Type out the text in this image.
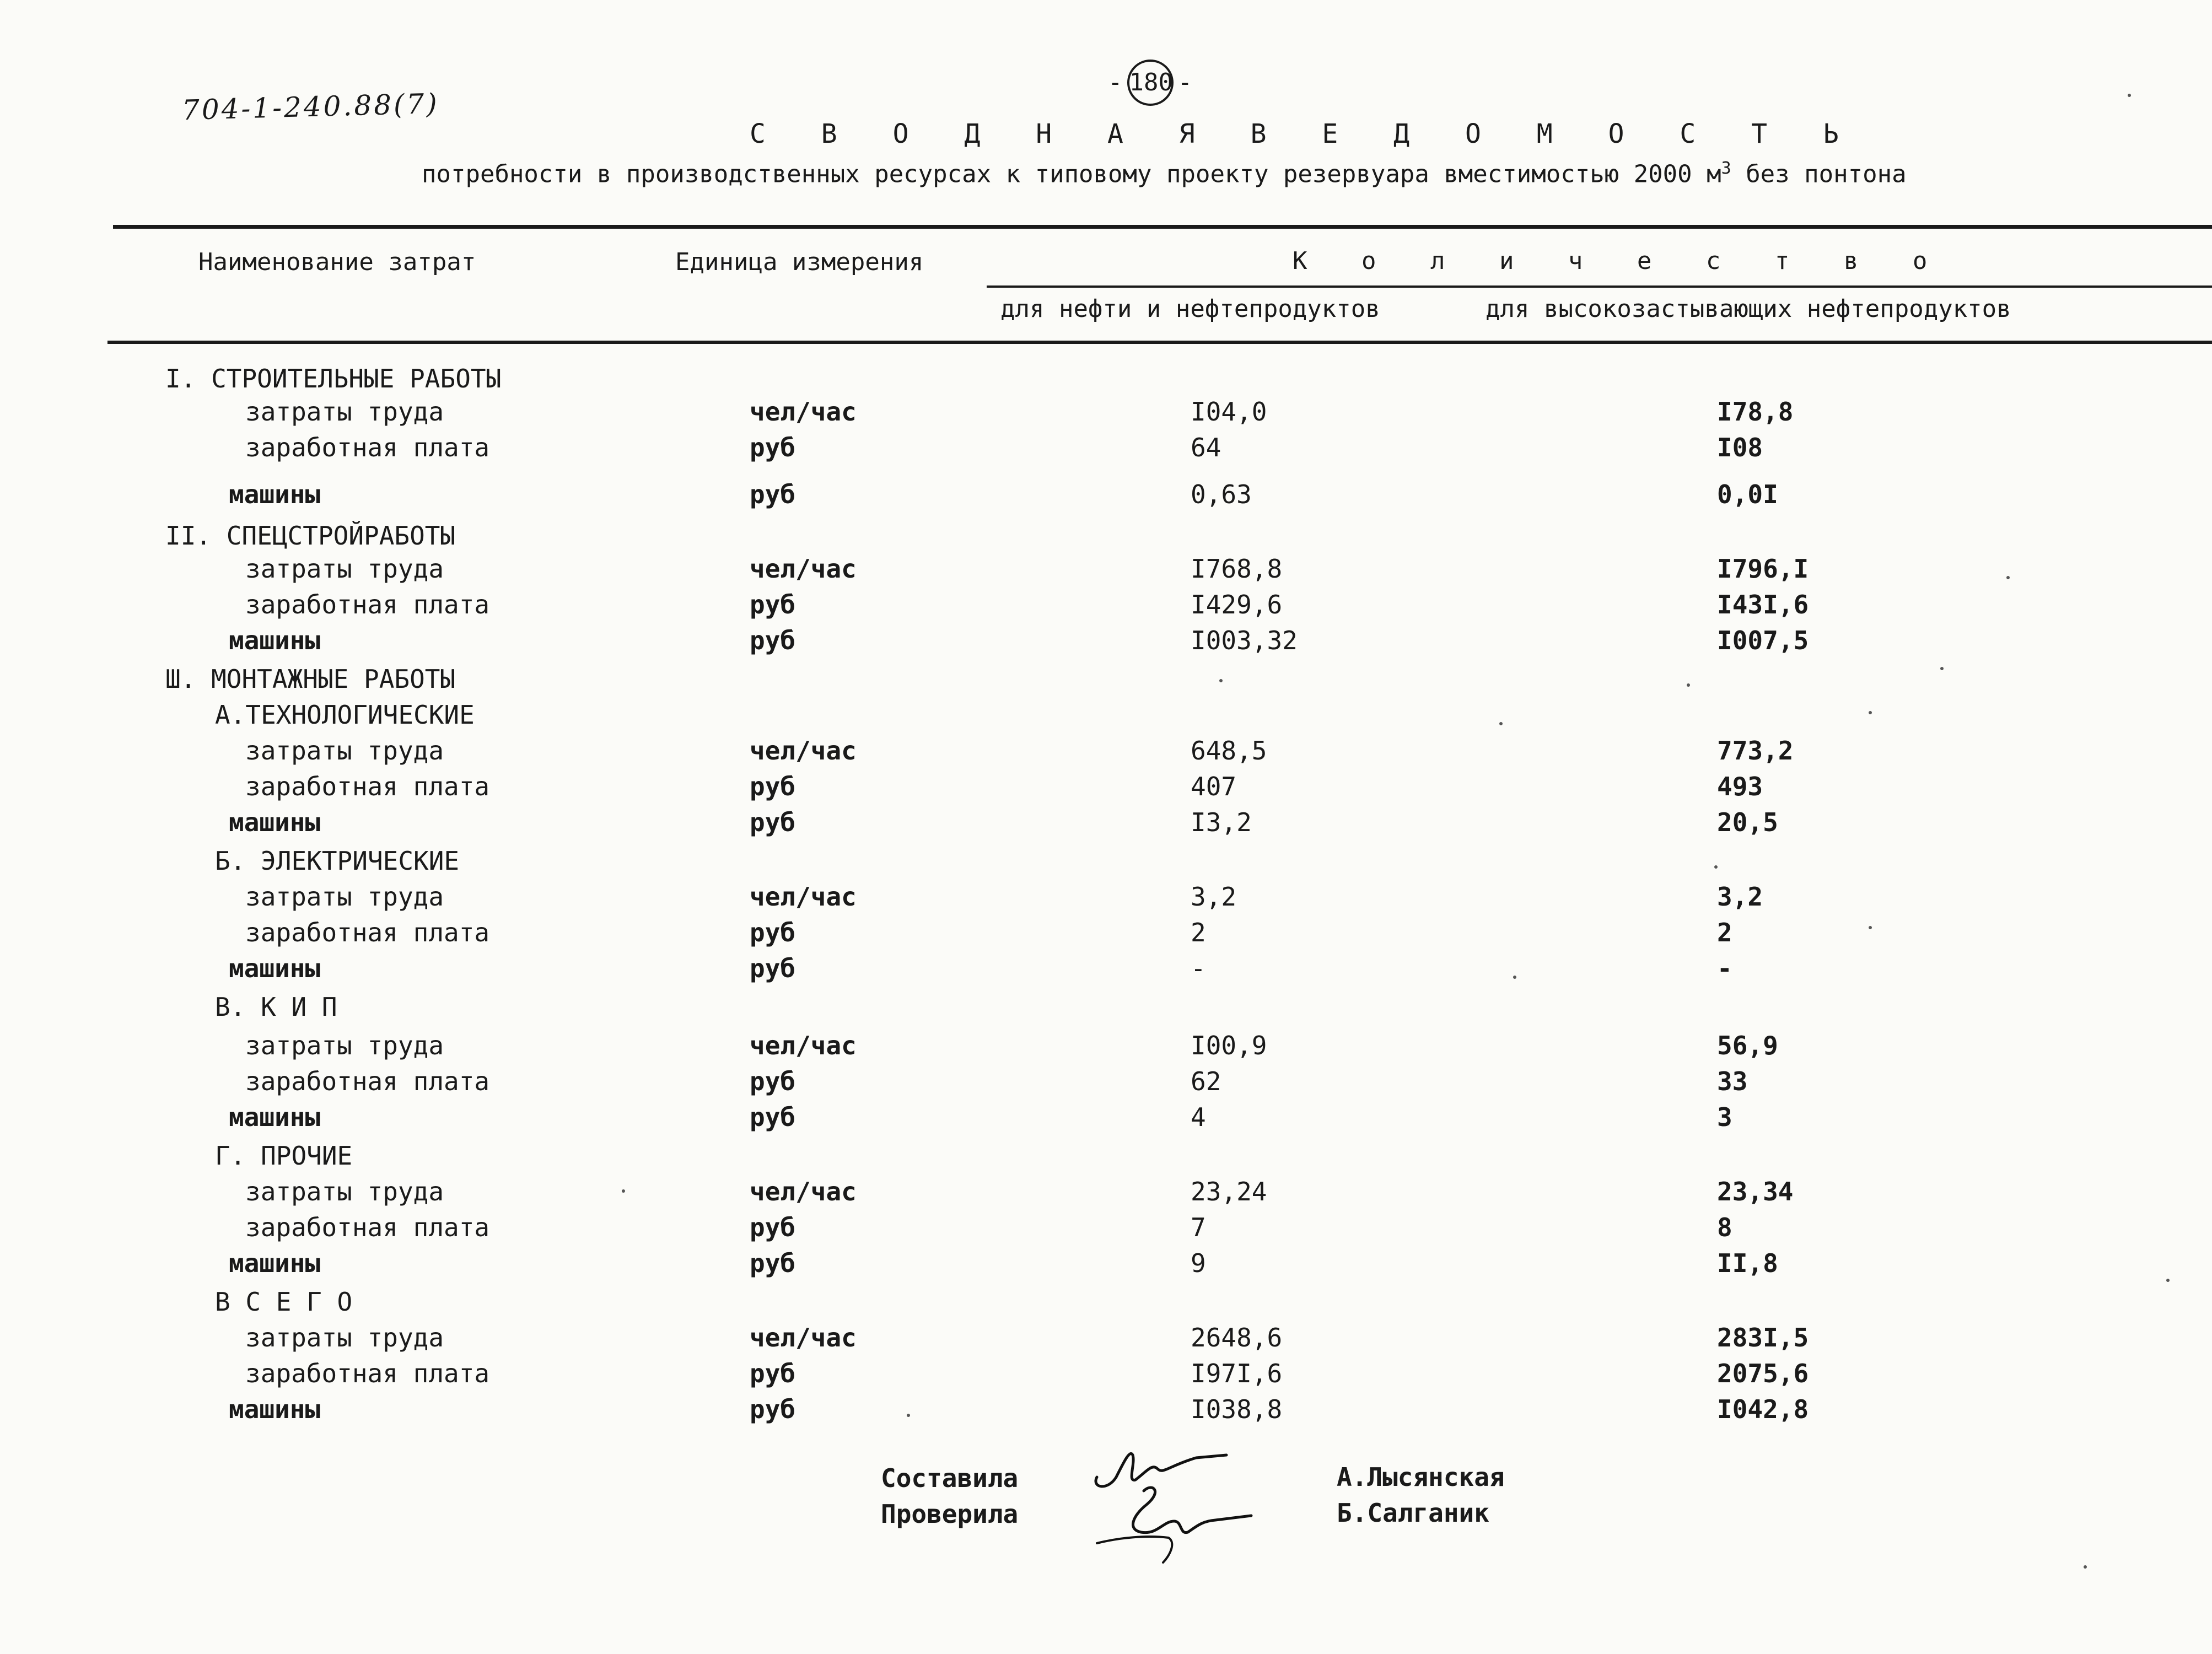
704-1-240.88(7)
- 180 -
С В О Д Н А Я В Е Д О М О С Т Ь
потребности в производственных ресурсах к типовому проекту резервуара вместимостью 2000 $м^3$ без понтона
Наименование затрат	Единица измерения	К о л и ч е с т в о
для нефти и нефтепродуктов	для высокозастывающих нефтепродуктов
I. СТРОИТЕЛЬНЫЕ РАБОТЫ
затраты труда	чел/час	I04,0	I78,8
заработная плата	руб	64	I08
машины	руб	0,63	0,0I
II. СПЕЦСТРОЙРАБОТЫ
затраты труда	чел/час	I768,8	I796,I
заработная плата	руб	I429,6	I43I,6
машины	руб	I003,32	I007,5
Ш. МОНТАЖНЫЕ РАБОТЫ
А.ТЕХНОЛОГИЧЕСКИЕ
затраты труда	чел/час	648,5	773,2
заработная плата	руб	407	493
машины	руб	I3,2	20,5
Б. ЭЛЕКТРИЧЕСКИЕ
затраты труда	чел/час	3,2	3,2
заработная плата	руб	2	2
машины	руб	-	-
В. К И П
затраты труда	чел/час	I00,9	56,9
заработная плата	руб	62	33
машины	руб	4	3
Г. ПРОЧИЕ
затраты труда	чел/час	23,24	23,34
заработная плата	руб	7	8
машины	руб	9	II,8
В С Е Г О
затраты труда	чел/час	2648,6	283I,5
заработная плата	руб	I97I,6	2075,6
машины	руб	I038,8	I042,8
Составила
Проверила
А.Лысянская
Б.Салганик
